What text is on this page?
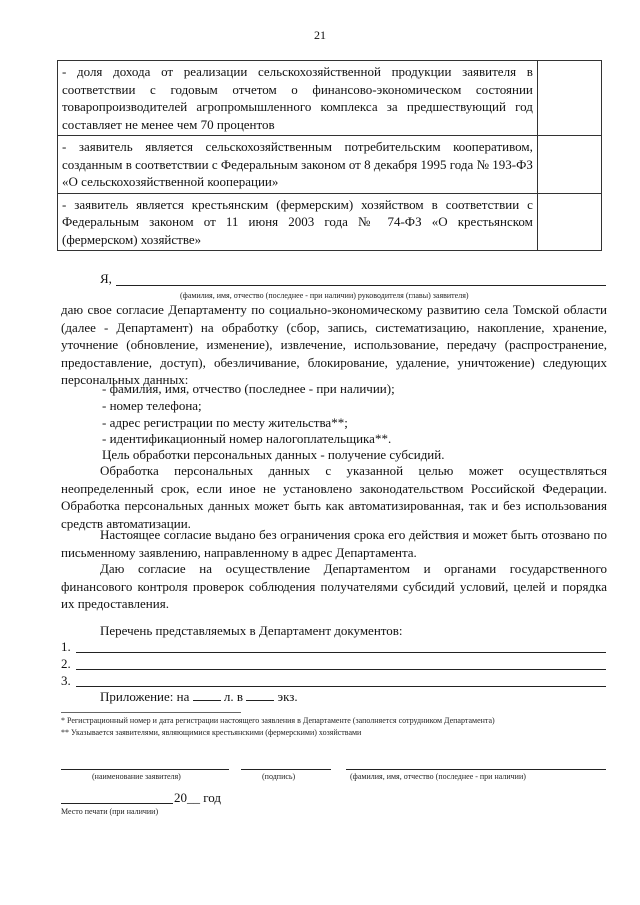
21
- доля дохода от реализации сельскохозяйственной продукции заявителя в соответствии с годовым отчетом о финансово-экономическом состоянии товаропроизводителей агропромышленного комплекса за предшествующий год составляет не менее чем 70 процентов	
- заявитель является сельскохозяйственным потребительским кооперативом, созданным в соответствии с Федеральным законом от 8 декабря 1995 года № 193-ФЗ «О сельскохозяйственной кооперации»	
- заявитель является крестьянским (фермерским) хозяйством в соответствии с Федеральным законом от 11 июня 2003 года № 74-ФЗ «О крестьянском (фермерском) хозяйстве»	
Я,
(фамилия, имя, отчество (последнее - при наличии) руководителя (главы) заявителя)
даю свое согласие Департаменту по социально-экономическому развитию села Томской области (далее - Департамент) на обработку (сбор, запись, систематизацию, накопление, хранение, уточнение (обновление, изменение), извлечение, использование, передачу (распространение, предоставление, доступ), обезличивание, блокирование, удаление, уничтожение) следующих персональных данных:
- фамилия, имя, отчество (последнее - при наличии);
- номер телефона;
- адрес регистрации по месту жительства**;
- идентификационный номер налогоплательщика**.
Цель обработки персональных данных - получение субсидий.
Обработка персональных данных с указанной целью может осуществляться неопределенный срок, если иное не установлено законодательством Российской Федерации. Обработка персональных данных может быть как автоматизированная, так и без использования средств автоматизации.
Настоящее согласие выдано без ограничения срока его действия и может быть отозвано по письменному заявлению, направленному в адрес Департамента.
Даю согласие на осуществление Департаментом и органами государственного финансового контроля проверок соблюдения получателями субсидий условий, целей и порядка их предоставления.
Перечень представляемых в Департамент документов:
1.
2.
3.
Приложение: на	л. в	экз.
* Регистрационный номер и дата регистрации настоящего заявления в Департаменте (заполняется сотрудником Департамента)
** Указывается заявителями, являющимися крестьянскими (фермерскими) хозяйствами
(наименование заявителя)	(подпись)	(фамилия, имя, отчество (последнее - при наличии)
20__ год
Место печати (при наличии)
